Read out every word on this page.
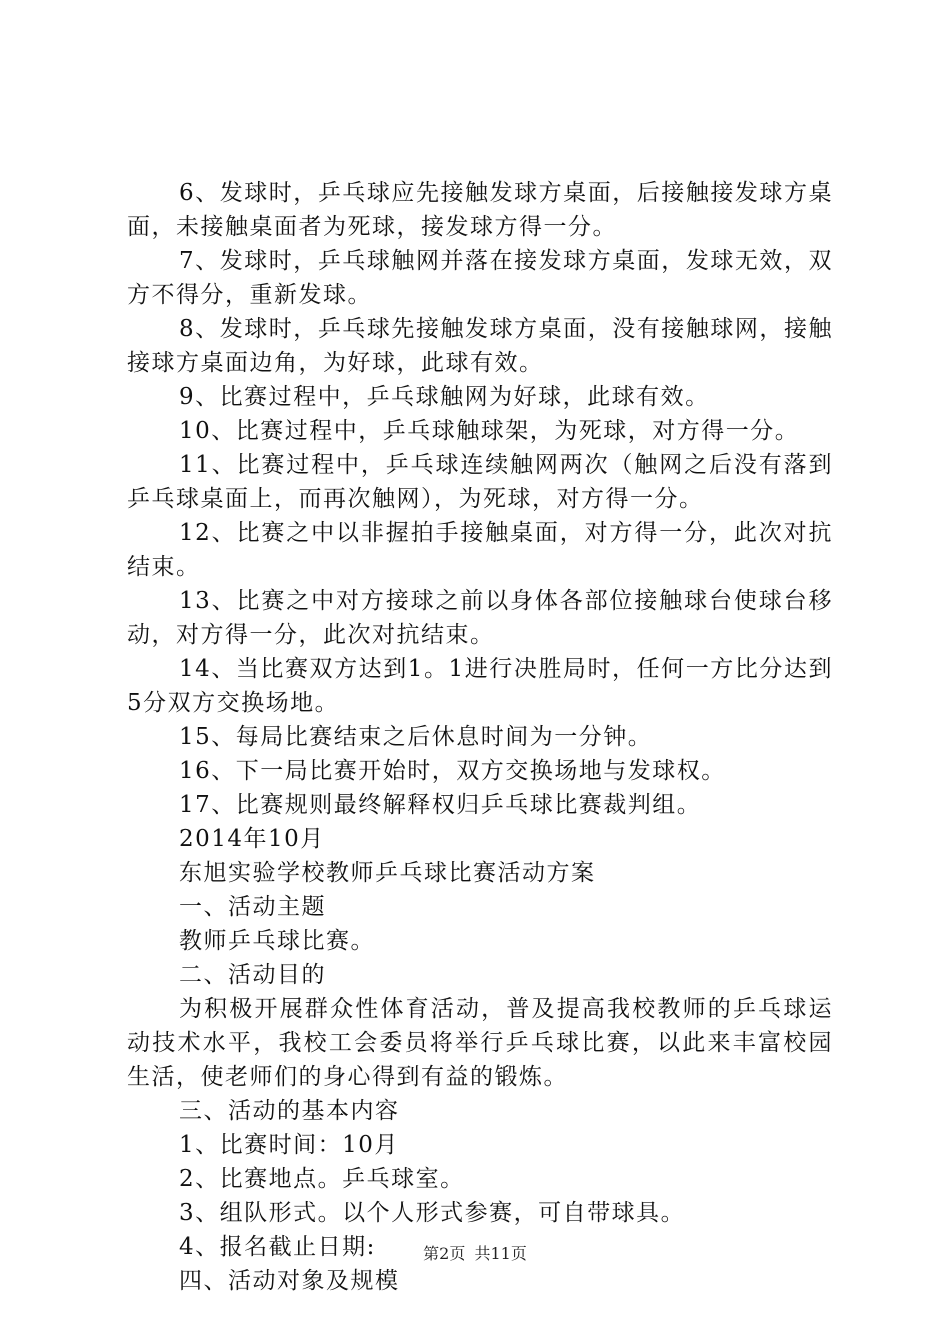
6、发球时，乒乓球应先接触发球方桌面，后接触接发球方桌面，未接触桌面者为死球，接发球方得一分。

7、发球时，乒乓球触网并落在接发球方桌面，发球无效，双方不得分，重新发球。

8、发球时，乒乓球先接触发球方桌面，没有接触球网，接触接球方桌面边角，为好球，此球有效。

9、比赛过程中，乒乓球触网为好球，此球有效。

10、比赛过程中，乒乓球触球架，为死球，对方得一分。

11、比赛过程中，乒乓球连续触网两次（触网之后没有落到乒乓球桌面上，而再次触网），为死球，对方得一分。

12、比赛之中以非握拍手接触桌面，对方得一分，此次对抗结束。

13、比赛之中对方接球之前以身体各部位接触球台使球台移动，对方得一分，此次对抗结束。

14、当比赛双方达到1。1进行决胜局时，任何一方比分达到5分双方交换场地。

15、每局比赛结束之后休息时间为一分钟。

16、下一局比赛开始时，双方交换场地与发球权。

17、比赛规则最终解释权归乒乓球比赛裁判组。

2014年10月

东旭实验学校教师乒乓球比赛活动方案

一、活动主题

教师乒乓球比赛。

二、活动目的

为积极开展群众性体育活动，普及提高我校教师的乒乓球运动技术水平，我校工会委员将举行乒乓球比赛，以此来丰富校园生活，使老师们的身心得到有益的锻炼。

三、活动的基本内容

1、比赛时间：10月

2、比赛地点。乒乓球室。

3、组队形式。以个人形式参赛，可自带球具。

4、报名截止日期:

四、活动对象及规模

第2页 共11页
